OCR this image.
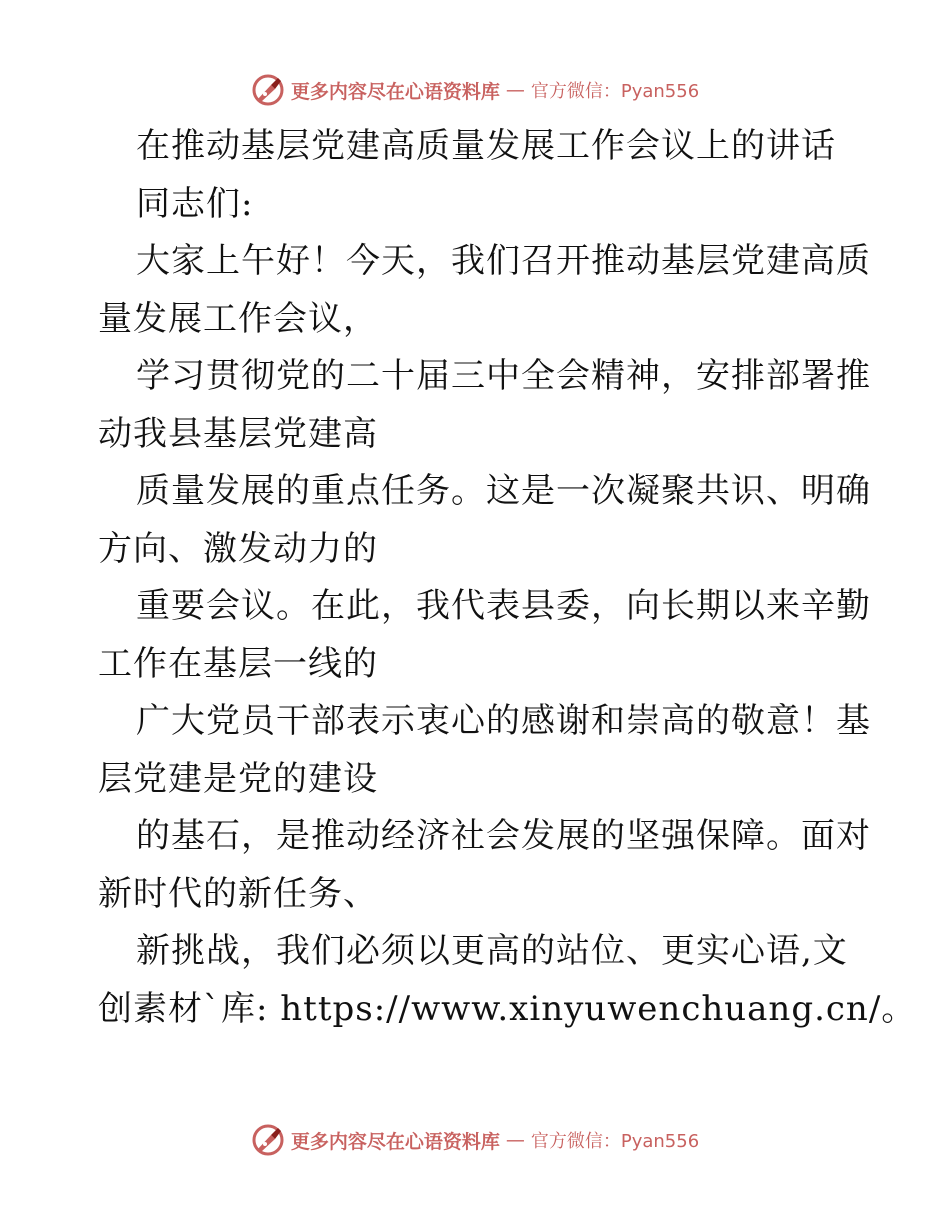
更多内容尽在心语资料库 — 官方微信：Pyan556
在推动基层党建高质量发展工作会议上的讲话
同志们:
大家上午好！今天，我们召开推动基层党建高质
量发展工作会议，
学习贯彻党的二十届三中全会精神，安排部署推
动我县基层党建高
质量发展的重点任务。这是一次凝聚共识、明确
方向、激发动力的
重要会议。在此，我代表县委，向长期以来辛勤
工作在基层一线的
广大党员干部表示衷心的感谢和崇高的敬意！基
层党建是党的建设
的基石，是推动经济社会发展的坚强保障。面对
新时代的新任务、
新挑战，我们必须以更高的站位、更实心语,文
创素材`库: https://www.xinyuwenchuang.cn/。
更多内容尽在心语资料库 — 官方微信：Pyan556
